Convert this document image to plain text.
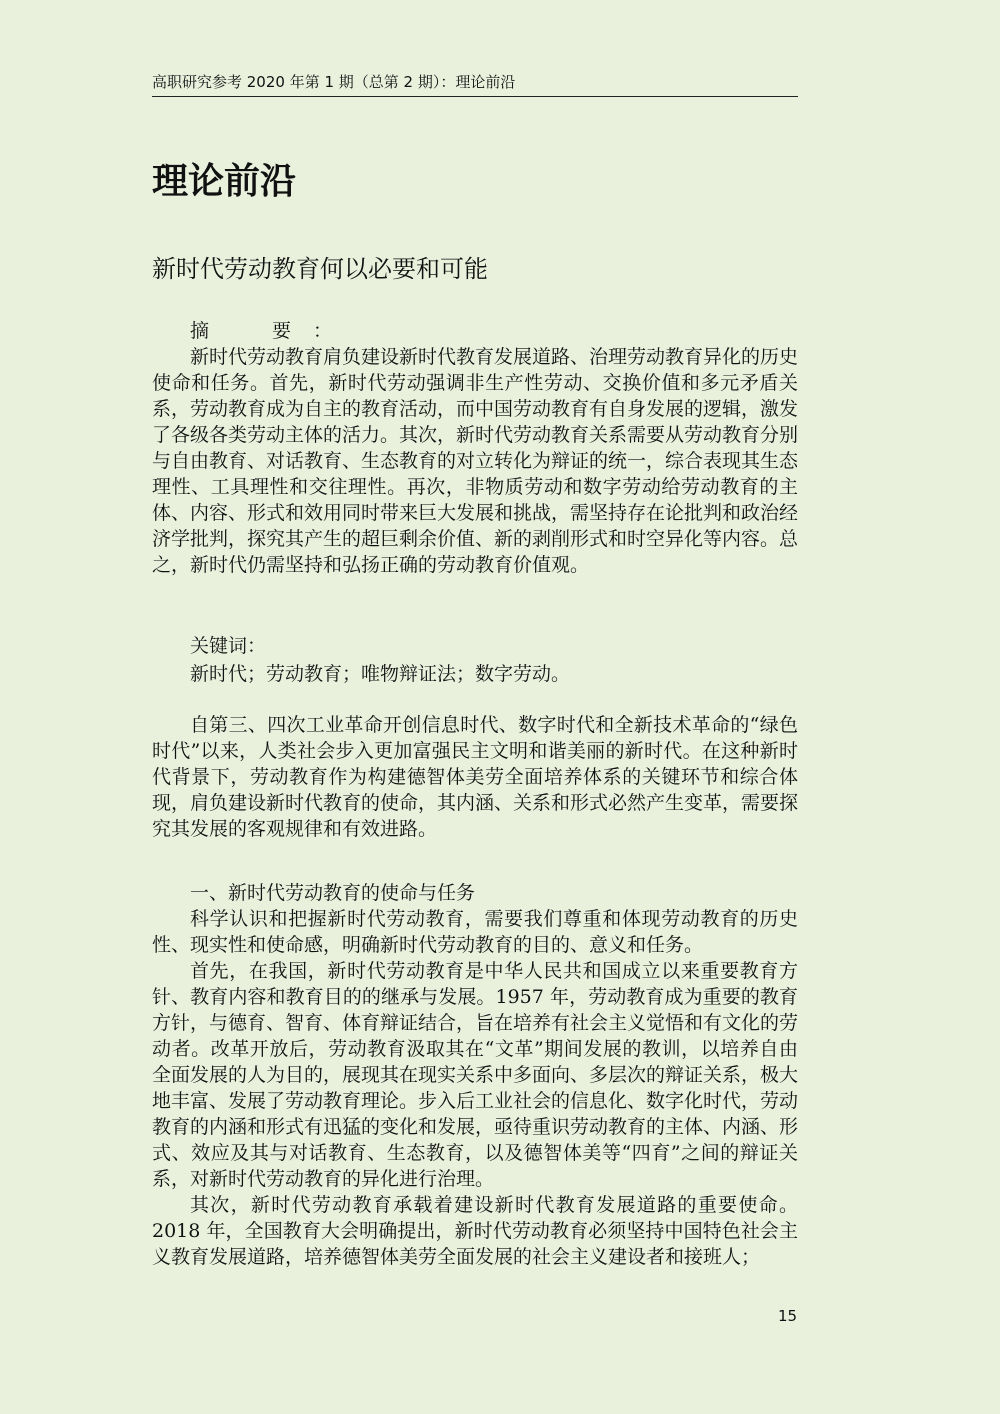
高职研究参考 2020 年第 1 期（总第 2 期）：理论前沿
理论前沿
新时代劳动教育何以必要和可能

摘　要：

新时代劳动教育肩负建设新时代教育发展道路、治理劳动教育异化的历史使命和任务。首先，新时代劳动强调非生产性劳动、交换价值和多元矛盾关系，劳动教育成为自主的教育活动，而中国劳动教育有自身发展的逻辑，激发了各级各类劳动主体的活力。其次，新时代劳动教育关系需要从劳动教育分别与自由教育、对话教育、生态教育的对立转化为辩证的统一，综合表现其生态理性、工具理性和交往理性。再次，非物质劳动和数字劳动给劳动教育的主体、内容、形式和效用同时带来巨大发展和挑战，需坚持存在论批判和政治经济学批判，探究其产生的超巨剩余价值、新的剥削形式和时空异化等内容。总之，新时代仍需坚持和弘扬正确的劳动教育价值观。

关键词：

新时代；劳动教育；唯物辩证法；数字劳动。

自第三、四次工业革命开创信息时代、数字时代和全新技术革命的“绿色时代”以来，人类社会步入更加富强民主文明和谐美丽的新时代。在这种新时代背景下，劳动教育作为构建德智体美劳全面培养体系的关键环节和综合体现，肩负建设新时代教育的使命，其内涵、关系和形式必然产生变革，需要探究其发展的客观规律和有效进路。

一、新时代劳动教育的使命与任务

科学认识和把握新时代劳动教育，需要我们尊重和体现劳动教育的历史性、现实性和使命感，明确新时代劳动教育的目的、意义和任务。

首先，在我国，新时代劳动教育是中华人民共和国成立以来重要教育方针、教育内容和教育目的的继承与发展。1957 年，劳动教育成为重要的教育方针，与德育、智育、体育辩证结合，旨在培养有社会主义觉悟和有文化的劳动者。改革开放后，劳动教育汲取其在“文革”期间发展的教训，以培养自由全面发展的人为目的，展现其在现实关系中多面向、多层次的辩证关系，极大地丰富、发展了劳动教育理论。步入后工业社会的信息化、数字化时代，劳动教育的内涵和形式有迅猛的变化和发展，亟待重识劳动教育的主体、内涵、形式、效应及其与对话教育、生态教育，以及德智体美等“四育”之间的辩证关系，对新时代劳动教育的异化进行治理。

其次，新时代劳动教育承载着建设新时代教育发展道路的重要使命。2018 年，全国教育大会明确提出，新时代劳动教育必须坚持中国特色社会主义教育发展道路，培养德智体美劳全面发展的社会主义建设者和接班人；

15
